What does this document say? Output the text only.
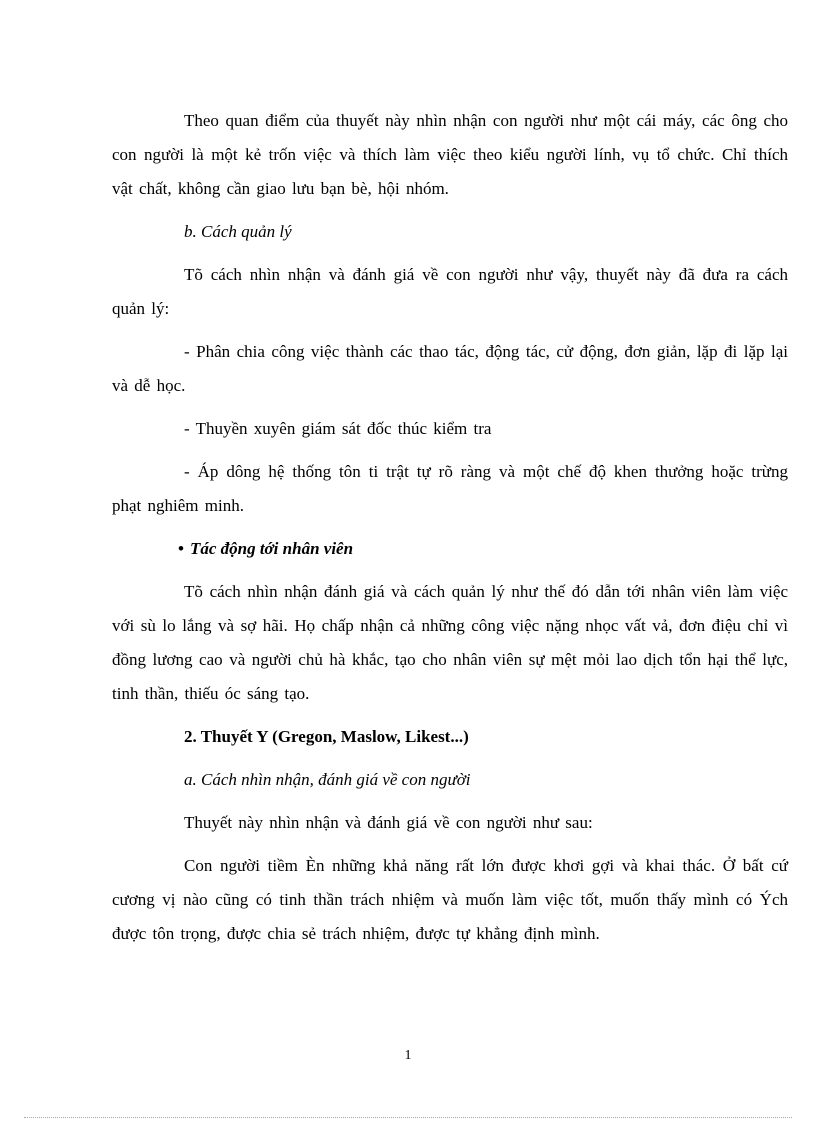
Theo quan điểm của thuyết này nhìn nhận con người như một cái máy, các ông cho con người là một kẻ trốn việc và thích làm việc theo kiểu người lính, vụ tổ chức. Chỉ thích vật chất, không cần giao lưu bạn bè, hội nhóm.

b. Cách quản lý

Tõ cách nhìn nhận và đánh giá về con người như vậy, thuyết này đã đưa ra cách quản lý:

- Phân chia công việc thành các thao tác, động tác, cử động, đơn giản, lặp đi lặp lại và dễ học.

- Thuyền xuyên giám sát đốc thúc kiểm tra

- Áp dông hệ thống tôn ti trật tự rõ ràng và một chế độ khen thưởng hoặc trừng phạt nghiêm minh.

• Tác động tới nhân viên

Tõ cách nhìn nhận đánh giá và cách quản lý như thế đó dẫn tới nhân viên làm việc với sù lo lắng và sợ hãi. Họ chấp nhận cả những công việc nặng nhọc vất vả, đơn điệu chỉ vì đồng lương cao và người chủ hà khắc, tạo cho nhân viên sự mệt mỏi lao dịch tổn hại thể lực, tinh thần, thiếu óc sáng tạo.

2. Thuyết Y (Gregon, Maslow, Likest...)

a. Cách nhìn nhận, đánh giá về con người

Thuyết này nhìn nhận và đánh giá về con người như sau:

Con người tiềm Èn những khả năng rất lớn được khơi gợi và khai thác. Ở bất cứ cương vị nào cũng có tinh thần trách nhiệm và muốn làm việc tốt, muốn thấy mình có Ých được tôn trọng, được chia sẻ trách nhiệm, được tự khẳng định mình.

1
